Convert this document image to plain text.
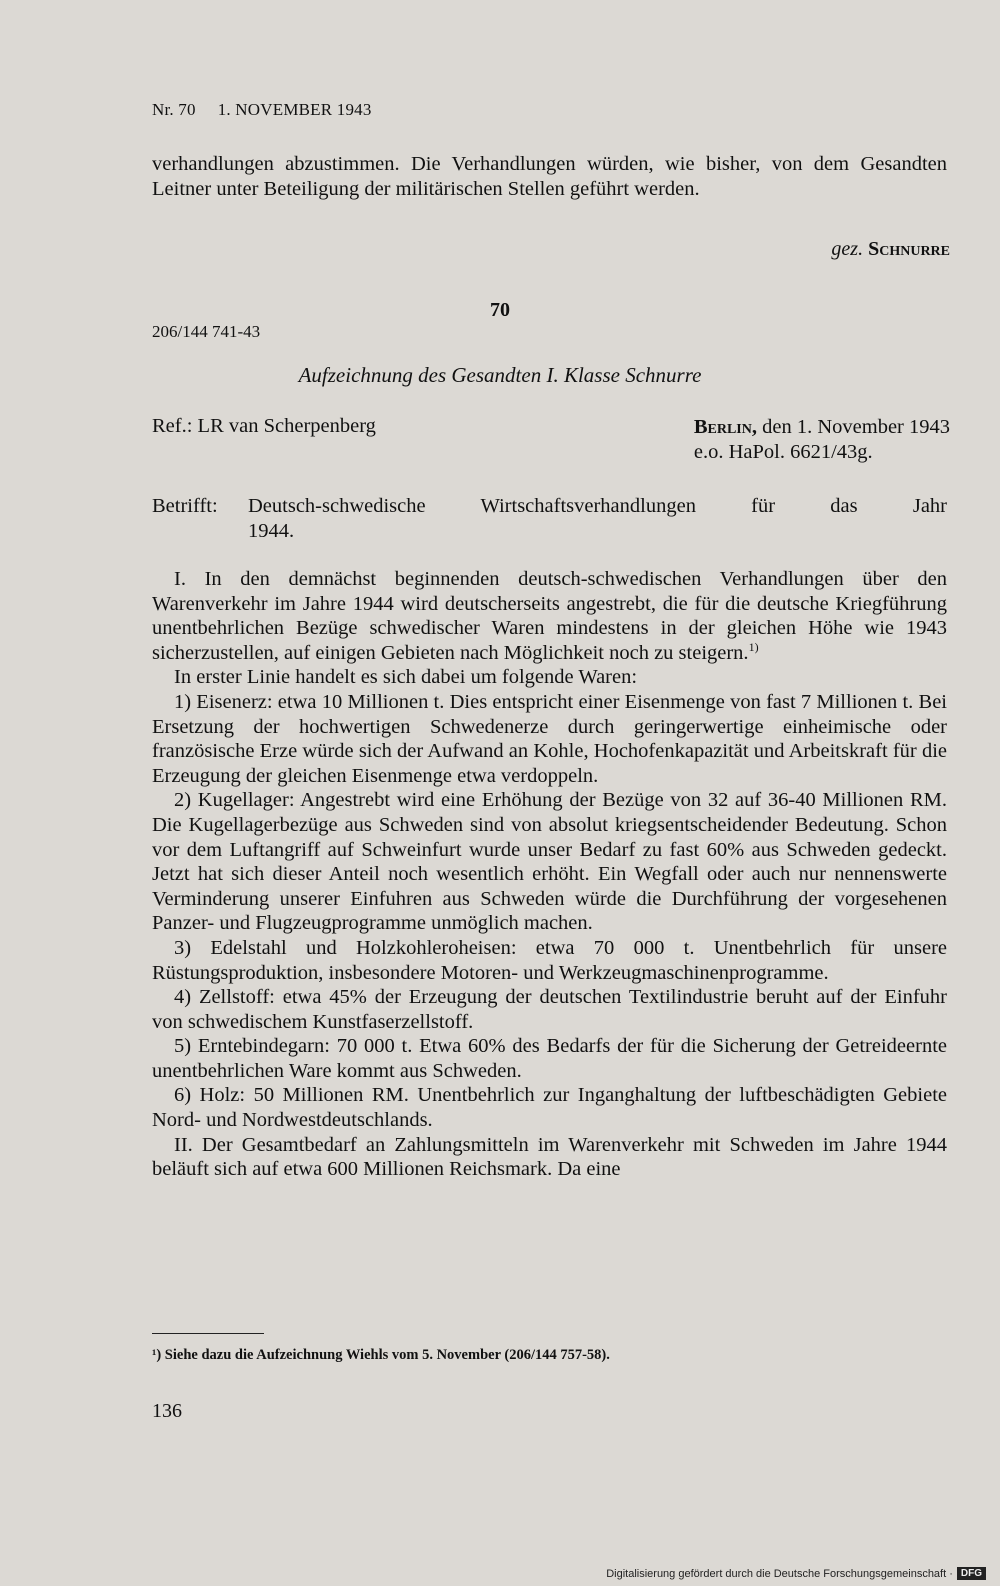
Nr. 70 1. NOVEMBER 1943

verhandlungen abzustimmen. Die Verhandlungen würden, wie bisher, von dem Gesandten Leitner unter Beteiligung der militärischen Stellen geführt werden.

gez. Schnurre
70
206/144 741-43
Aufzeichnung des Gesandten I. Klasse Schnurre
Ref.: LR van Scherpenberg	Berlin, den 1. November 1943
e.o. HaPol. 6621/43g.
Betrifft:	Deutsch-schwedische Wirtschaftsverhandlungen für das Jahr
1944.

I. In den demnächst beginnenden deutsch-schwedischen Verhandlungen über den Warenverkehr im Jahre 1944 wird deutscherseits angestrebt, die für die deutsche Kriegführung unentbehrlichen Bezüge schwedischer Waren mindestens in der gleichen Höhe wie 1943 sicherzustellen, auf einigen Gebieten nach Möglichkeit noch zu steigern.$^{1)}$

In erster Linie handelt es sich dabei um folgende Waren:

1) Eisenerz: etwa 10 Millionen t. Dies entspricht einer Eisenmenge von fast 7 Millionen t. Bei Ersetzung der hochwertigen Schwedenerze durch geringerwertige einheimische oder französische Erze würde sich der Aufwand an Kohle, Hochofenkapazität und Arbeitskraft für die Erzeugung der gleichen Eisenmenge etwa verdoppeln.

2) Kugellager: Angestrebt wird eine Erhöhung der Bezüge von 32 auf 36-40 Millionen RM. Die Kugellagerbezüge aus Schweden sind von absolut kriegsentscheidender Bedeutung. Schon vor dem Luftangriff auf Schweinfurt wurde unser Bedarf zu fast 60% aus Schweden gedeckt. Jetzt hat sich dieser Anteil noch wesentlich erhöht. Ein Wegfall oder auch nur nennenswerte Verminderung unserer Einfuhren aus Schweden würde die Durchführung der vorgesehenen Panzer- und Flugzeugprogramme unmöglich machen.

3) Edelstahl und Holzkohleroheisen: etwa 70 000 t. Unentbehrlich für unsere Rüstungsproduktion, insbesondere Motoren- und Werkzeugmaschinenprogramme.

4) Zellstoff: etwa 45% der Erzeugung der deutschen Textilindustrie beruht auf der Einfuhr von schwedischem Kunstfaserzellstoff.

5) Erntebindegarn: 70 000 t. Etwa 60% des Bedarfs der für die Sicherung der Getreideernte unentbehrlichen Ware kommt aus Schweden.

6) Holz: 50 Millionen RM. Unentbehrlich zur Inganghaltung der luftbeschädigten Gebiete Nord- und Nordwestdeutschlands.

II. Der Gesamtbedarf an Zahlungsmitteln im Warenverkehr mit Schweden im Jahre 1944 beläuft sich auf etwa 600 Millionen Reichsmark. Da eine

¹) Siehe dazu die Aufzeichnung Wiehls vom 5. November (206/144 757-58).
136
Digitalisierung gefördert durch die Deutsche Forschungsgemeinschaft · DFG
